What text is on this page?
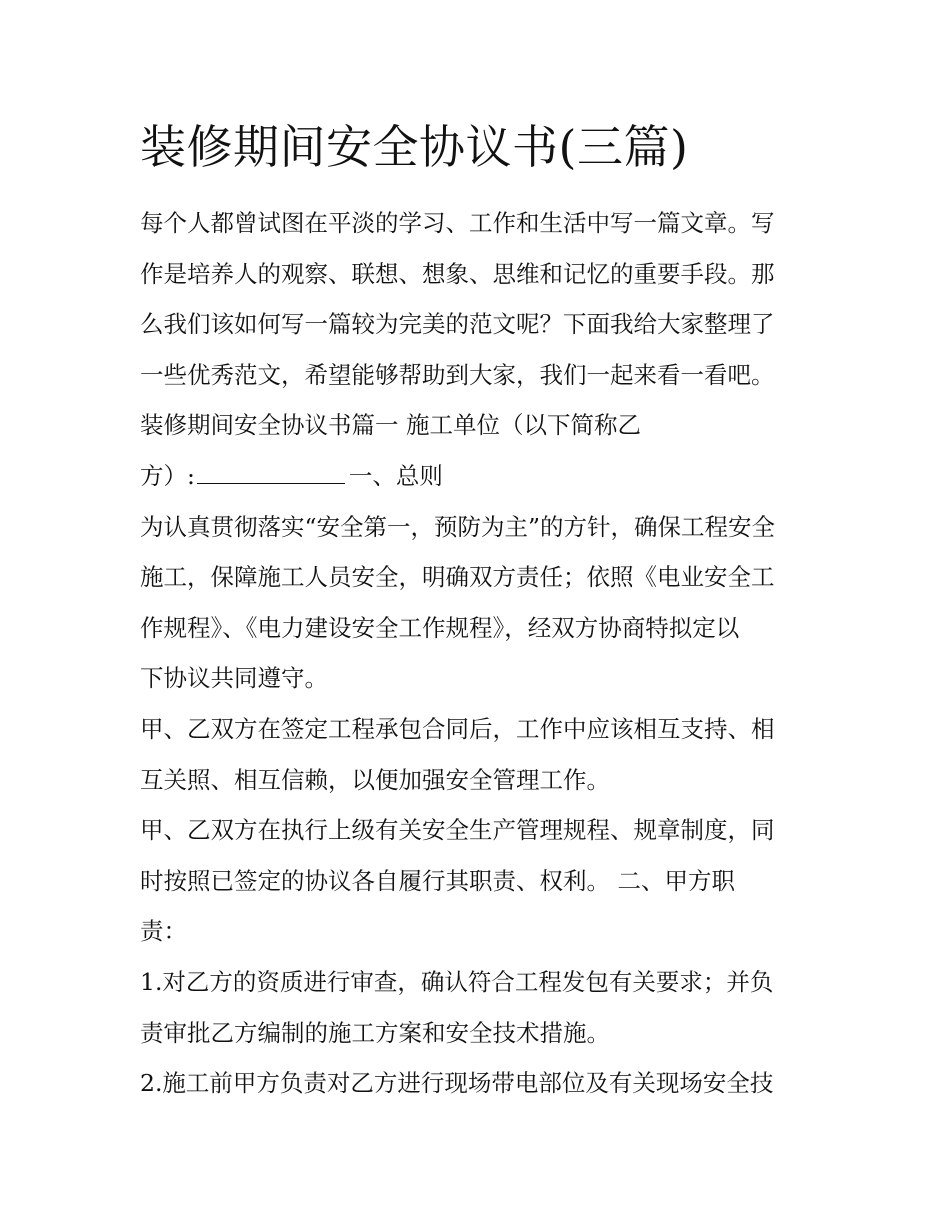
装修期间安全协议书(三篇)

每个人都曾试图在平淡的学习、工作和生活中写一篇文章。写

作是培养人的观察、联想、想象、思维和记忆的重要手段。那

么我们该如何写一篇较为完美的范文呢？下面我给大家整理了

一些优秀范文，希望能够帮助到大家，我们一起来看一看吧。

装修期间安全协议书篇一 施工单位（以下简称乙

方）:	一、总则

为认真贯彻落实“安全第一，预防为主”的方针，确保工程安全

施工，保障施工人员安全，明确双方责任；依照《电业安全工

作规程》、《电力建设安全工作规程》，经双方协商特拟定以

下协议共同遵守。

甲、乙双方在签定工程承包合同后，工作中应该相互支持、相

互关照、相互信赖，以便加强安全管理工作。

甲、乙双方在执行上级有关安全生产管理规程、规章制度，同

时按照已签定的协议各自履行其职责、权利。 二、甲方职

责：

1.对乙方的资质进行审查，确认符合工程发包有关要求；并负

责审批乙方编制的施工方案和安全技术措施。

2.施工前甲方负责对乙方进行现场带电部位及有关现场安全技
